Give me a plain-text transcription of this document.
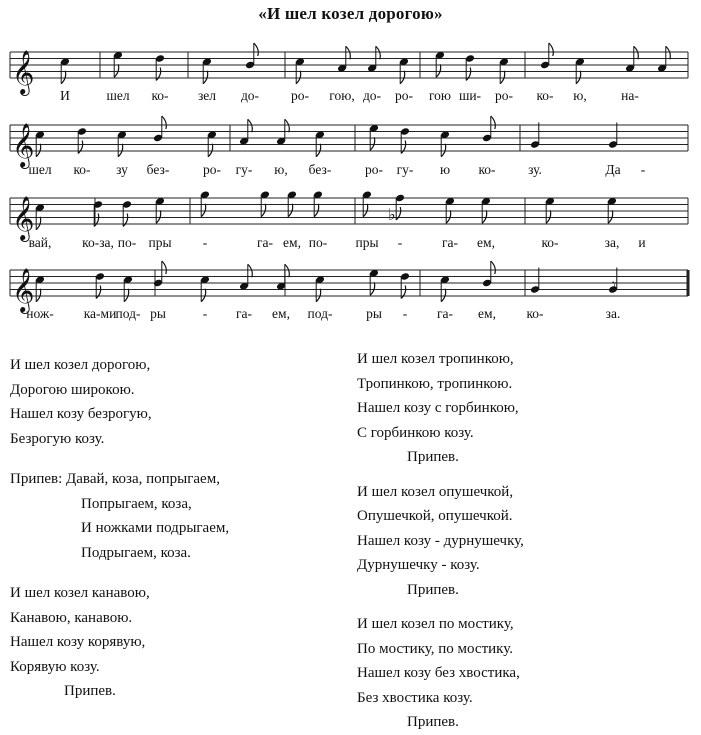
«И шел козел дорогою»
𝄞
𝄞
𝄞
𝄞
♭
𝄾
И	шел ко- зел до- ро- гою, до- ро- гою ши- ро- ко- ю,	на-
шел ко- зу без- ро- гу- ю, без- ро- гу- ю ко- зу.	Да -
вай, ко-за, по- пры -	га- ем, по- пры -	га- ем,	ко-	за, и
нож- ка-ми под- ры	- га- ем, под- ры - га- ем, ко-	за.
И шел козел дорогою,
Дорогою широкою.
Нашел козу безрогую,
Безрогую козу.
Припев: Давай, коза, попрыгаем,
Попрыгаем, коза,
И ножками подрыгаем,
Подрыгаем, коза.
И шел козел канавою,
Канавою, канавою.
Нашел козу корявую,
Корявую козу.
Припев.
И шел козел тропинкою,
Тропинкою, тропинкою.
Нашел козу с горбинкою,
С горбинкою козу.
Припев.
И шел козел опушечкой,
Опушечкой, опушечкой.
Нашел козу - дурнушечку,
Дурнушечку - козу.
Припев.
И шел козел по мостику,
По мостику, по мостику.
Нашел козу без хвостика,
Без хвостика козу.
Припев.
